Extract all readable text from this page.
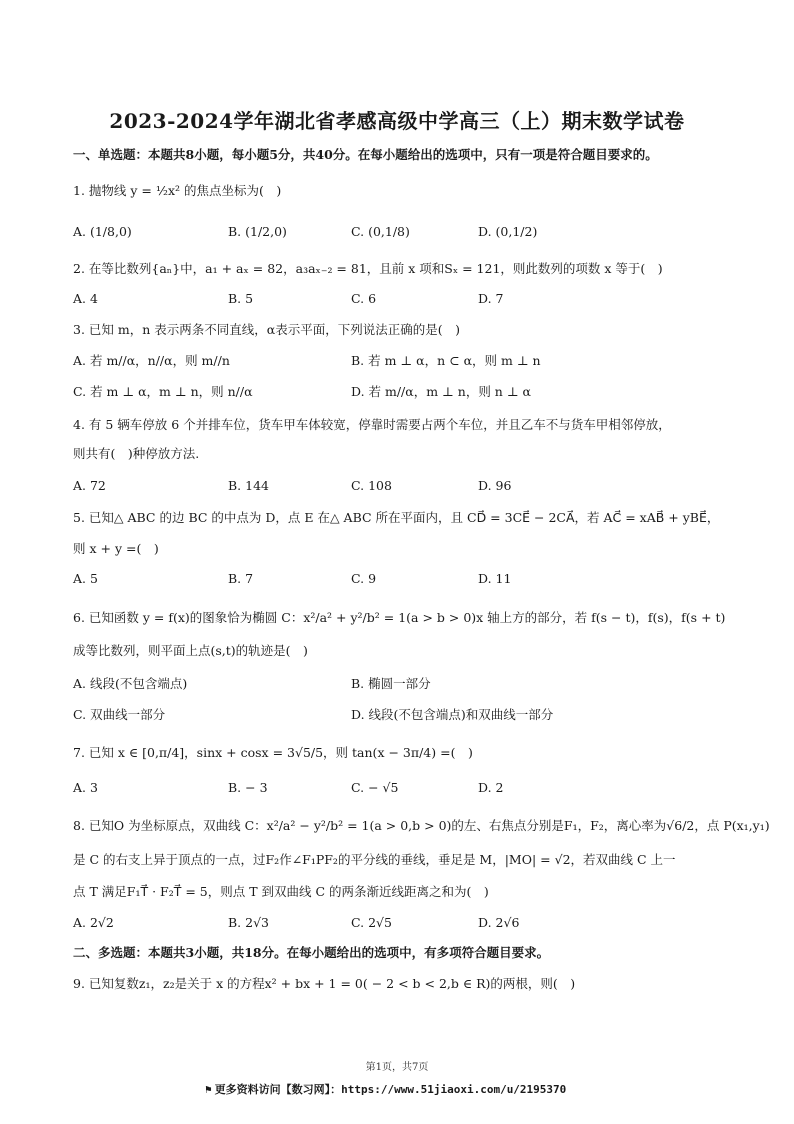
2023-2024学年湖北省孝感高级中学高三（上）期末数学试卷
一、单选题：本题共8小题，每小题5分，共40分。在每小题给出的选项中，只有一项是符合题目要求的。
1. 抛物线 y = ½x² 的焦点坐标为(　)
A. (1/8,0)	B. (1/2,0)	C. (0,1/8)	D. (0,1/2)
2. 在等比数列{aₙ}中，a₁ + aₓ = 82，a₃aₓ₋₂ = 81，且前 x 项和Sₓ = 121，则此数列的项数 x 等于(　)
A. 4	B. 5	C. 6	D. 7
3. 已知 m，n 表示两条不同直线，α表示平面，下列说法正确的是(　)
A. 若 m//α，n//α，则 m//n	B. 若 m ⊥ α，n ⊂ α，则 m ⊥ n
C. 若 m ⊥ α，m ⊥ n，则 n//α	D. 若 m//α，m ⊥ n，则 n ⊥ α
4. 有 5 辆车停放 6 个并排车位，货车甲车体较宽，停靠时需要占两个车位，并且乙车不与货车甲相邻停放，
则共有(　)种停放方法.
A. 72	B. 144	C. 108	D. 96
5. 已知△ ABC 的边 BC 的中点为 D，点 E 在△ ABC 所在平面内，且 CD⃗ = 3CE⃗ − 2CA⃗，若 AC⃗ = xAB⃗ + yBE⃗，
则 x + y =(　)
A. 5	B. 7	C. 9	D. 11
6. 已知函数 y = f(x)的图象恰为椭圆 C：x²/a² + y²/b² = 1(a > b > 0)x 轴上方的部分，若 f(s − t)，f(s)，f(s + t)
成等比数列，则平面上点(s,t)的轨迹是(　)
A. 线段(不包含端点)	B. 椭圆一部分
C. 双曲线一部分	D. 线段(不包含端点)和双曲线一部分
7. 已知 x ∈ [0,π/4]，sinx + cosx = 3√5/5，则 tan(x − 3π/4) =(　)
A. 3	B. − 3	C. − √5	D. 2
8. 已知O 为坐标原点，双曲线 C：x²/a² − y²/b² = 1(a > 0,b > 0)的左、右焦点分别是F₁，F₂，离心率为√6/2，点 P(x₁,y₁)
是 C 的右支上异于顶点的一点，过F₂作∠F₁PF₂的平分线的垂线，垂足是 M，|MO| = √2，若双曲线 C 上一
点 T 满足F₁T⃗ · F₂T⃗ = 5，则点 T 到双曲线 C 的两条渐近线距离之和为(　)
A. 2√2	B. 2√3	C. 2√5	D. 2√6
二、多选题：本题共3小题，共18分。在每小题给出的选项中，有多项符合题目要求。
9. 已知复数z₁，z₂是关于 x 的方程x² + bx + 1 = 0( − 2 < b < 2,b ∈ R)的两根，则(　)
第1页，共7页
⚑ 更多资料访问【数习网】：https://www.51jiaoxi.com/u/2195370
